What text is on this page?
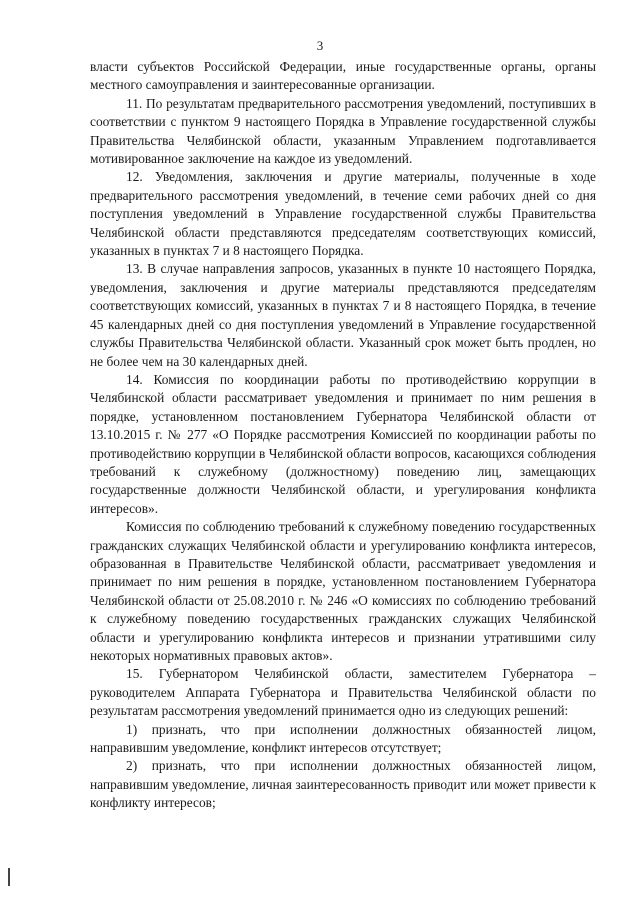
3

власти субъектов Российской Федерации, иные государственные органы, органы местного самоуправления и заинтересованные организации.

11. По результатам предварительного рассмотрения уведомлений, поступивших в соответствии с пунктом 9 настоящего Порядка в Управление государственной службы Правительства Челябинской области, указанным Управлением подготавливается мотивированное заключение на каждое из уведомлений.

12. Уведомления, заключения и другие материалы, полученные в ходе предварительного рассмотрения уведомлений, в течение семи рабочих дней со дня поступления уведомлений в Управление государственной службы Правительства Челябинской области представляются председателям соответствующих комиссий, указанных в пунктах 7 и 8 настоящего Порядка.

13. В случае направления запросов, указанных в пункте 10 настоящего Порядка, уведомления, заключения и другие материалы представляются председателям соответствующих комиссий, указанных в пунктах 7 и 8 настоящего Порядка, в течение 45 календарных дней со дня поступления уведомлений в Управление государственной службы Правительства Челябинской области. Указанный срок может быть продлен, но не более чем на 30 календарных дней.

14. Комиссия по координации работы по противодействию коррупции в Челябинской области рассматривает уведомления и принимает по ним решения в порядке, установленном постановлением Губернатора Челябинской области от 13.10.2015 г. № 277 «О Порядке рассмотрения Комиссией по координации работы по противодействию коррупции в Челябинской области вопросов, касающихся соблюдения требований к служебному (должностному) поведению лиц, замещающих государственные должности Челябинской области, и урегулирования конфликта интересов».

Комиссия по соблюдению требований к служебному поведению государственных гражданских служащих Челябинской области и урегулированию конфликта интересов, образованная в Правительстве Челябинской области, рассматривает уведомления и принимает по ним решения в порядке, установленном постановлением Губернатора Челябинской области от 25.08.2010 г. № 246 «О комиссиях по соблюдению требований к служебному поведению государственных гражданских служащих Челябинской области и урегулированию конфликта интересов и признании утратившими силу некоторых нормативных правовых актов».

15. Губернатором Челябинской области, заместителем Губернатора – руководителем Аппарата Губернатора и Правительства Челябинской области по результатам рассмотрения уведомлений принимается одно из следующих решений:

1) признать, что при исполнении должностных обязанностей лицом, направившим уведомление, конфликт интересов отсутствует;

2) признать, что при исполнении должностных обязанностей лицом, направившим уведомление, личная заинтересованность приводит или может привести к конфликту интересов;
